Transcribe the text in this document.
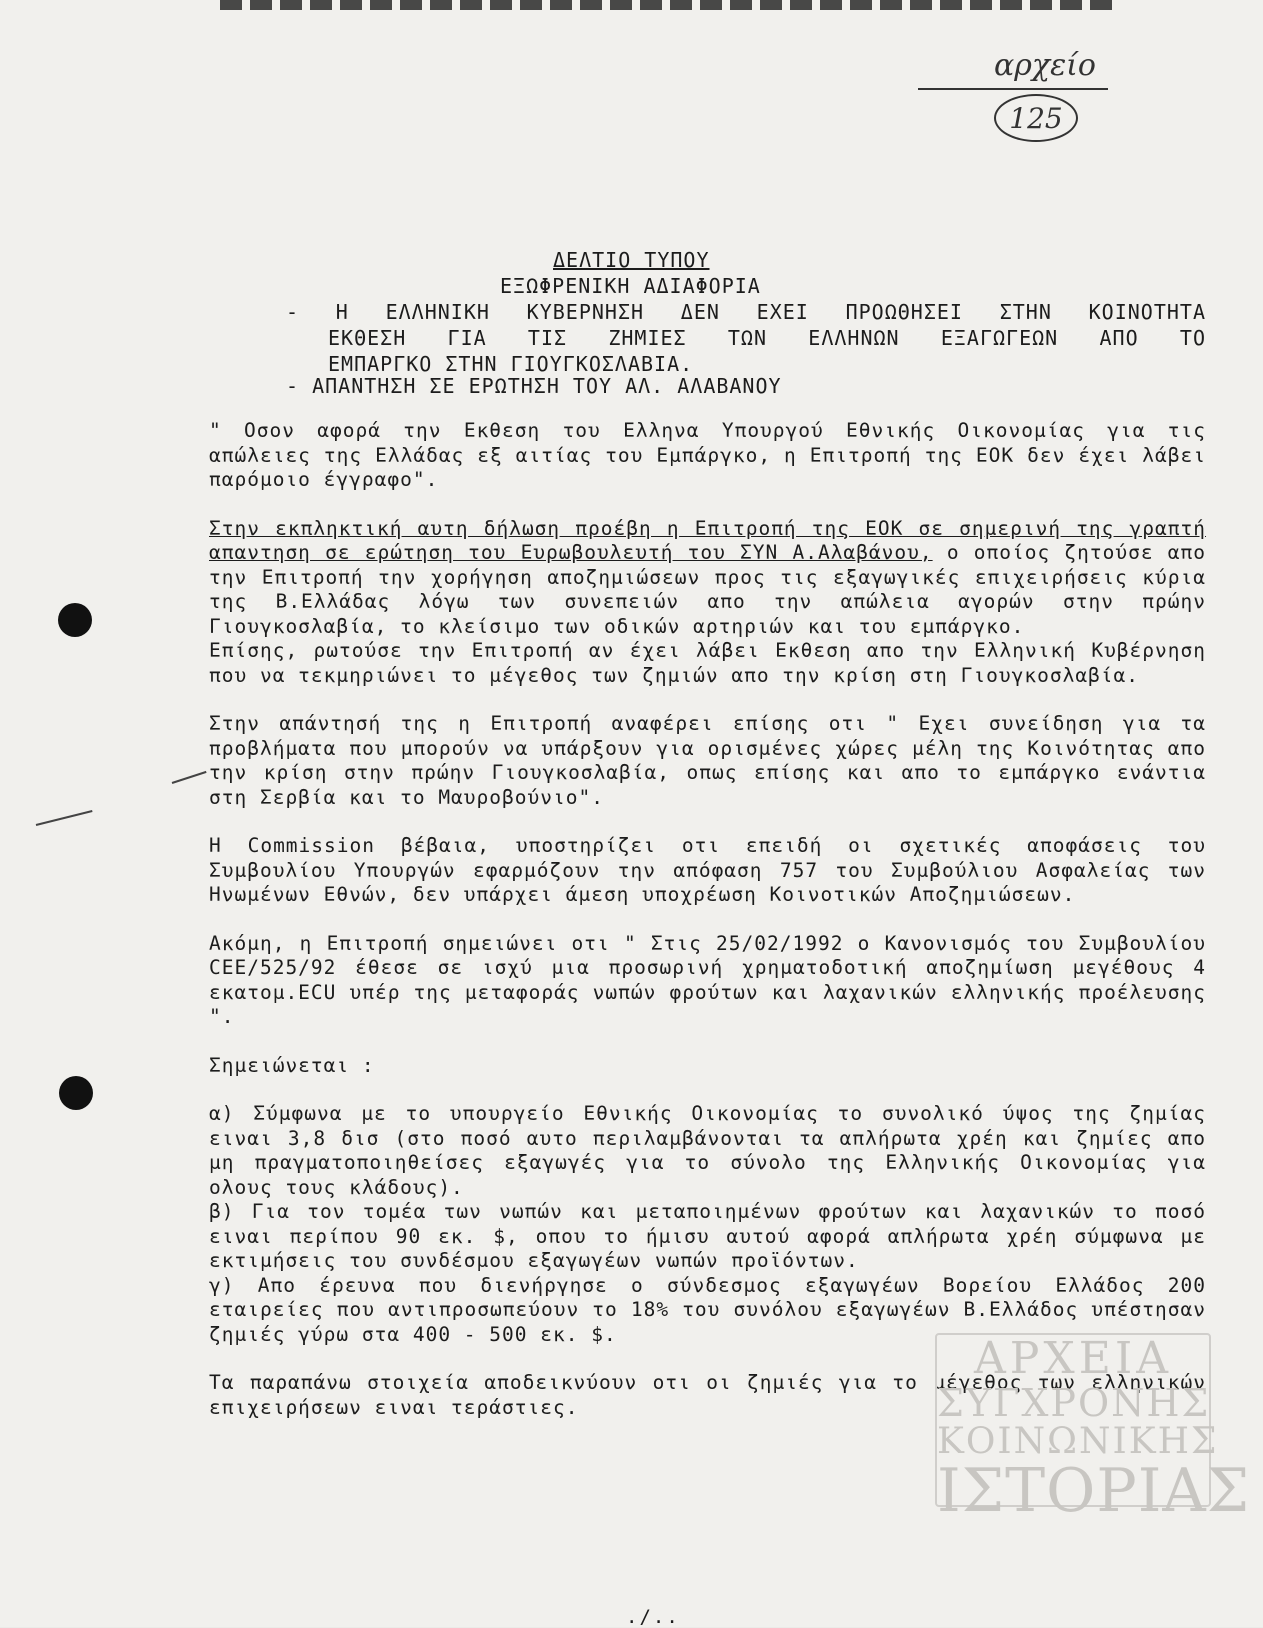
αρχείο
125
ΔΕΛΤΙΟ ΤΥΠΟΥ
ΕΞΩΦΡΕΝΙΚΗ ΑΔΙΑΦΟΡΙΑ
- Η ΕΛΛΗΝΙΚΗ ΚΥΒΕΡΝΗΣΗ ΔΕΝ ΕΧΕΙ ΠΡΟΩΘΗΣΕΙ ΣΤΗΝ ΚΟΙΝΟΤΗΤΑ
ΕΚΘΕΣΗ ΓΙΑ ΤΙΣ ΖΗΜΙΕΣ ΤΩΝ ΕΛΛΗΝΩΝ ΕΞΑΓΩΓΕΩΝ ΑΠΟ ΤΟ
ΕΜΠΑΡΓΚΟ ΣΤΗΝ ΓΙΟΥΓΚΟΣΛΑΒΙΑ.
- ΑΠΑΝΤΗΣΗ ΣΕ ΕΡΩΤΗΣΗ ΤΟΥ ΑΛ. ΑΛΑΒΑΝΟΥ

" Οσον αφορά την Εκθεση του Ελληνα Υπουργού Εθνικής Οικονομίας για τις απώλειες της Ελλάδας εξ αιτίας του Εμπάργκο, η Επιτροπή της ΕΟΚ δεν έχει λάβει παρόμοιο έγγραφο".

Στην εκπληκτική αυτη δήλωση προέβη η Επιτροπή της ΕΟΚ σε σημερινή της γραπτή απαντηση σε ερώτηση του Ευρωβουλευτή του ΣΥΝ Α.Αλαβάνου, ο οποίος ζητούσε απο την Επιτροπή την χορήγηση αποζημιώσεων προς τις εξαγωγικές επιχειρήσεις κύρια της Β.Ελλάδας λόγω των συνεπειών απο την απώλεια αγορών στην πρώην Γιουγκοσλαβία, το κλείσιμο των οδικών αρτηριών και του εμπάργκο.

Επίσης, ρωτούσε την Επιτροπή αν έχει λάβει Εκθεση απο την Ελληνική Κυβέρνηση που να τεκμηριώνει το μέγεθος των ζημιών απο την κρίση στη Γιουγκοσλαβία.

Στην απάντησή της η Επιτροπή αναφέρει επίσης οτι " Εχει συνείδηση για τα προβλήματα που μπορούν να υπάρξουν για ορισμένες χώρες μέλη της Κοινότητας απο την κρίση στην πρώην Γιουγκοσλαβία, οπως επίσης και απο το εμπάργκο ενάντια στη Σερβία και το Μαυροβούνιο".

Η Commission βέβαια, υποστηρίζει οτι επειδή οι σχετικές αποφάσεις του Συμβουλίου Υπουργών εφαρμόζουν την απόφαση 757 του Συμβούλιου Ασφαλείας των Ηνωμένων Εθνών, δεν υπάρχει άμεση υποχρέωση Κοινοτικών Αποζημιώσεων.

Ακόμη, η Επιτροπή σημειώνει οτι " Στις 25/02/1992 ο Κανονισμός του Συμβουλίου CEE/525/92 έθεσε σε ισχύ μια προσωρινή χρηματοδοτική αποζημίωση μεγέθους 4 εκατομ.ECU υπέρ της μεταφοράς νωπών φρούτων και λαχανικών ελληνικής προέλευσης ".

Σημειώνεται :

α) Σύμφωνα με το υπουργείο Εθνικής Οικονομίας το συνολικό ύψος της ζημίας ειναι 3,8 δισ (στο ποσό αυτο περιλαμβάνονται τα απλήρωτα χρέη και ζημίες απο μη πραγματοποιηθείσες εξαγωγές για το σύνολο της Ελληνικής Οικονομίας για ολους τους κλάδους).

β) Για τον τομέα των νωπών και μεταποιημένων φρούτων και λαχανικών το ποσό ειναι περίπου 90 εκ. $, οπου το ήμισυ αυτού αφορά απλήρωτα χρέη σύμφωνα με εκτιμήσεις του συνδέσμου εξαγωγέων νωπών προϊόντων.

γ) Απο έρευνα που διενήργησε ο σύνδεσμος εξαγωγέων Βορείου Ελλάδος 200 εταιρείες που αντιπροσωπεύουν το 18% του συνόλου εξαγωγέων Β.Ελλάδος υπέστησαν ζημιές γύρω στα 400 - 500 εκ. $.

Τα παραπάνω στοιχεία αποδεικνύουν οτι οι ζημιές για το μέγεθος των ελληνικών επιχειρήσεων ειναι τεράστιες.

ΑΡΧΕΙΑ
ΣΥΓΧΡΟΝΗΣ
ΚΟΙΝΩΝΙΚΗΣ
ΙΣΤΟΡΙΑΣ
./..
